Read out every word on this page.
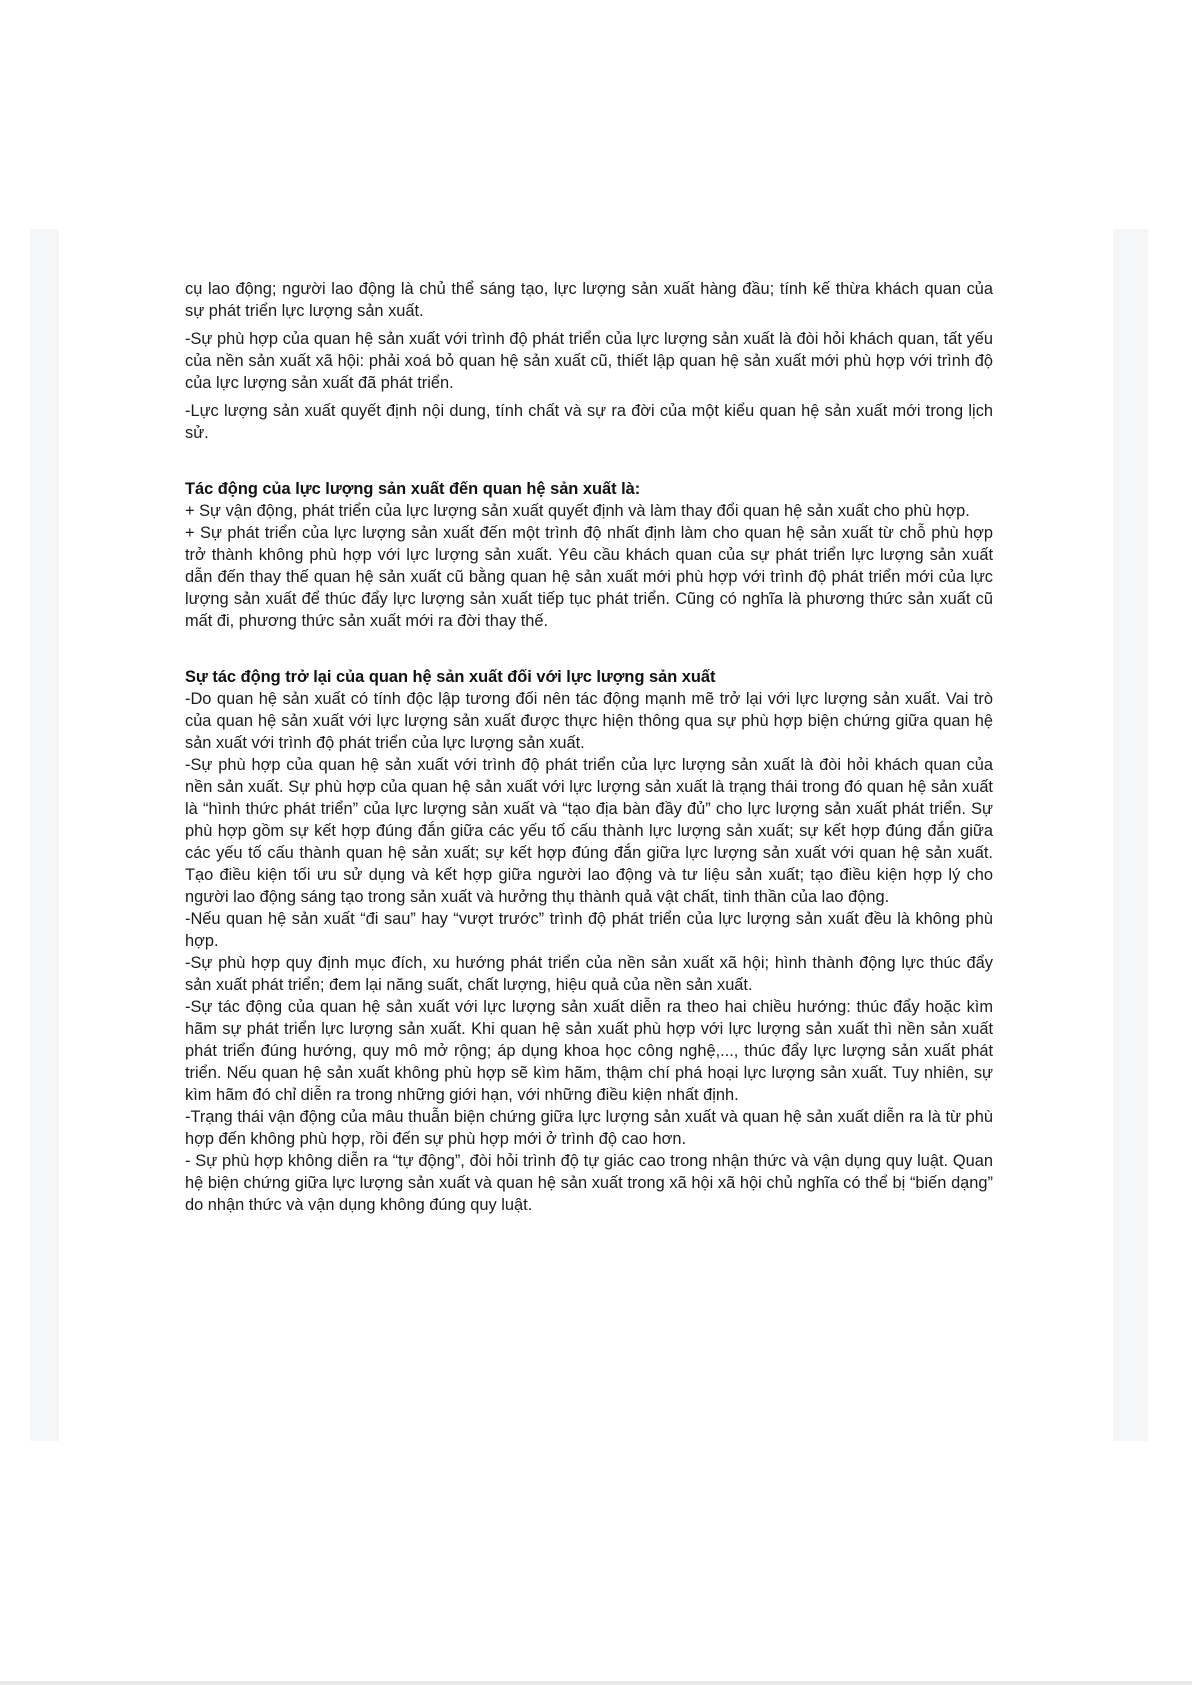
cụ lao động; người lao động là chủ thể sáng tạo, lực lượng sản xuất hàng đầu; tính kế thừa khách quan của sự phát triển lực lượng sản xuất.

-Sự phù hợp của quan hệ sản xuất với trình độ phát triển của lực lượng sản xuất là đòi hỏi khách quan, tất yếu của nền sản xuất xã hội: phải xoá bỏ quan hệ sản xuất cũ, thiết lập quan hệ sản xuất mới phù hợp với trình độ của lực lượng sản xuất đã phát triển.

-Lực lượng sản xuất quyết định nội dung, tính chất và sự ra đời của một kiểu quan hệ sản xuất mới trong lịch sử.

Tác động của lực lượng sản xuất đến quan hệ sản xuất là:

+ Sự vận động, phát triển của lực lượng sản xuất quyết định và làm thay đổi quan hệ sản xuất cho phù hợp.

+ Sự phát triển của lực lượng sản xuất đến một trình độ nhất định làm cho quan hệ sản xuất từ chỗ phù hợp trở thành không phù hợp với lực lượng sản xuất. Yêu cầu khách quan của sự phát triển lực lượng sản xuất dẫn đến thay thế quan hệ sản xuất cũ bằng quan hệ sản xuất mới phù hợp với trình độ phát triển mới của lực lượng sản xuất để thúc đẩy lực lượng sản xuất tiếp tục phát triển. Cũng có nghĩa là phương thức sản xuất cũ mất đi, phương thức sản xuất mới ra đời thay thế.

Sự tác động trở lại của quan hệ sản xuất đối với lực lượng sản xuất

-Do quan hệ sản xuất có tính độc lập tương đối nên tác động mạnh mẽ trở lại với lực lượng sản xuất. Vai trò của quan hệ sản xuất với lực lượng sản xuất được thực hiện thông qua sự phù hợp biện chứng giữa quan hệ sản xuất với trình độ phát triển của lực lượng sản xuất.

-Sự phù hợp của quan hệ sản xuất với trình độ phát triển của lực lượng sản xuất là đòi hỏi khách quan của nền sản xuất. Sự phù hợp của quan hệ sản xuất với lực lượng sản xuất là trạng thái trong đó quan hệ sản xuất là “hình thức phát triển” của lực lượng sản xuất và “tạo địa bàn đầy đủ” cho lực lượng sản xuất phát triển. Sự phù hợp gồm sự kết hợp đúng đắn giữa các yếu tố cấu thành lực lượng sản xuất; sự kết hợp đúng đắn giữa các yếu tố cấu thành quan hệ sản xuất; sự kết hợp đúng đắn giữa lực lượng sản xuất với quan hệ sản xuất. Tạo điều kiện tối ưu sử dụng và kết hợp giữa người lao động và tư liệu sản xuất; tạo điều kiện hợp lý cho người lao động sáng tạo trong sản xuất và hưởng thụ thành quả vật chất, tinh thần của lao động.

-Nếu quan hệ sản xuất “đi sau” hay “vượt trước” trình độ phát triển của lực lượng sản xuất đều là không phù hợp.

-Sự phù hợp quy định mục đích, xu hướng phát triển của nền sản xuất xã hội; hình thành động lực thúc đẩy sản xuất phát triển; đem lại năng suất, chất lượng, hiệu quả của nền sản xuất.

-Sự tác động của quan hệ sản xuất với lực lượng sản xuất diễn ra theo hai chiều hướng: thúc đẩy hoặc kìm hãm sự phát triển lực lượng sản xuất. Khi quan hệ sản xuất phù hợp với lực lượng sản xuất thì nền sản xuất phát triển đúng hướng, quy mô mở rộng; áp dụng khoa học công nghệ,..., thúc đẩy lực lượng sản xuất phát triển. Nếu quan hệ sản xuất không phù hợp sẽ kìm hãm, thậm chí phá hoại lực lượng sản xuất. Tuy nhiên, sự kìm hãm đó chỉ diễn ra trong những giới hạn, với những điều kiện nhất định.

-Trạng thái vận động của mâu thuẫn biện chứng giữa lực lượng sản xuất và quan hệ sản xuất diễn ra là từ phù hợp đến không phù hợp, rồi đến sự phù hợp mới ở trình độ cao hơn.

- Sự phù hợp không diễn ra “tự động”, đòi hỏi trình độ tự giác cao trong nhận thức và vận dụng quy luật. Quan hệ biện chứng giữa lực lượng sản xuất và quan hệ sản xuất trong xã hội xã hội chủ nghĩa có thể bị “biến dạng” do nhận thức và vận dụng không đúng quy luật.
